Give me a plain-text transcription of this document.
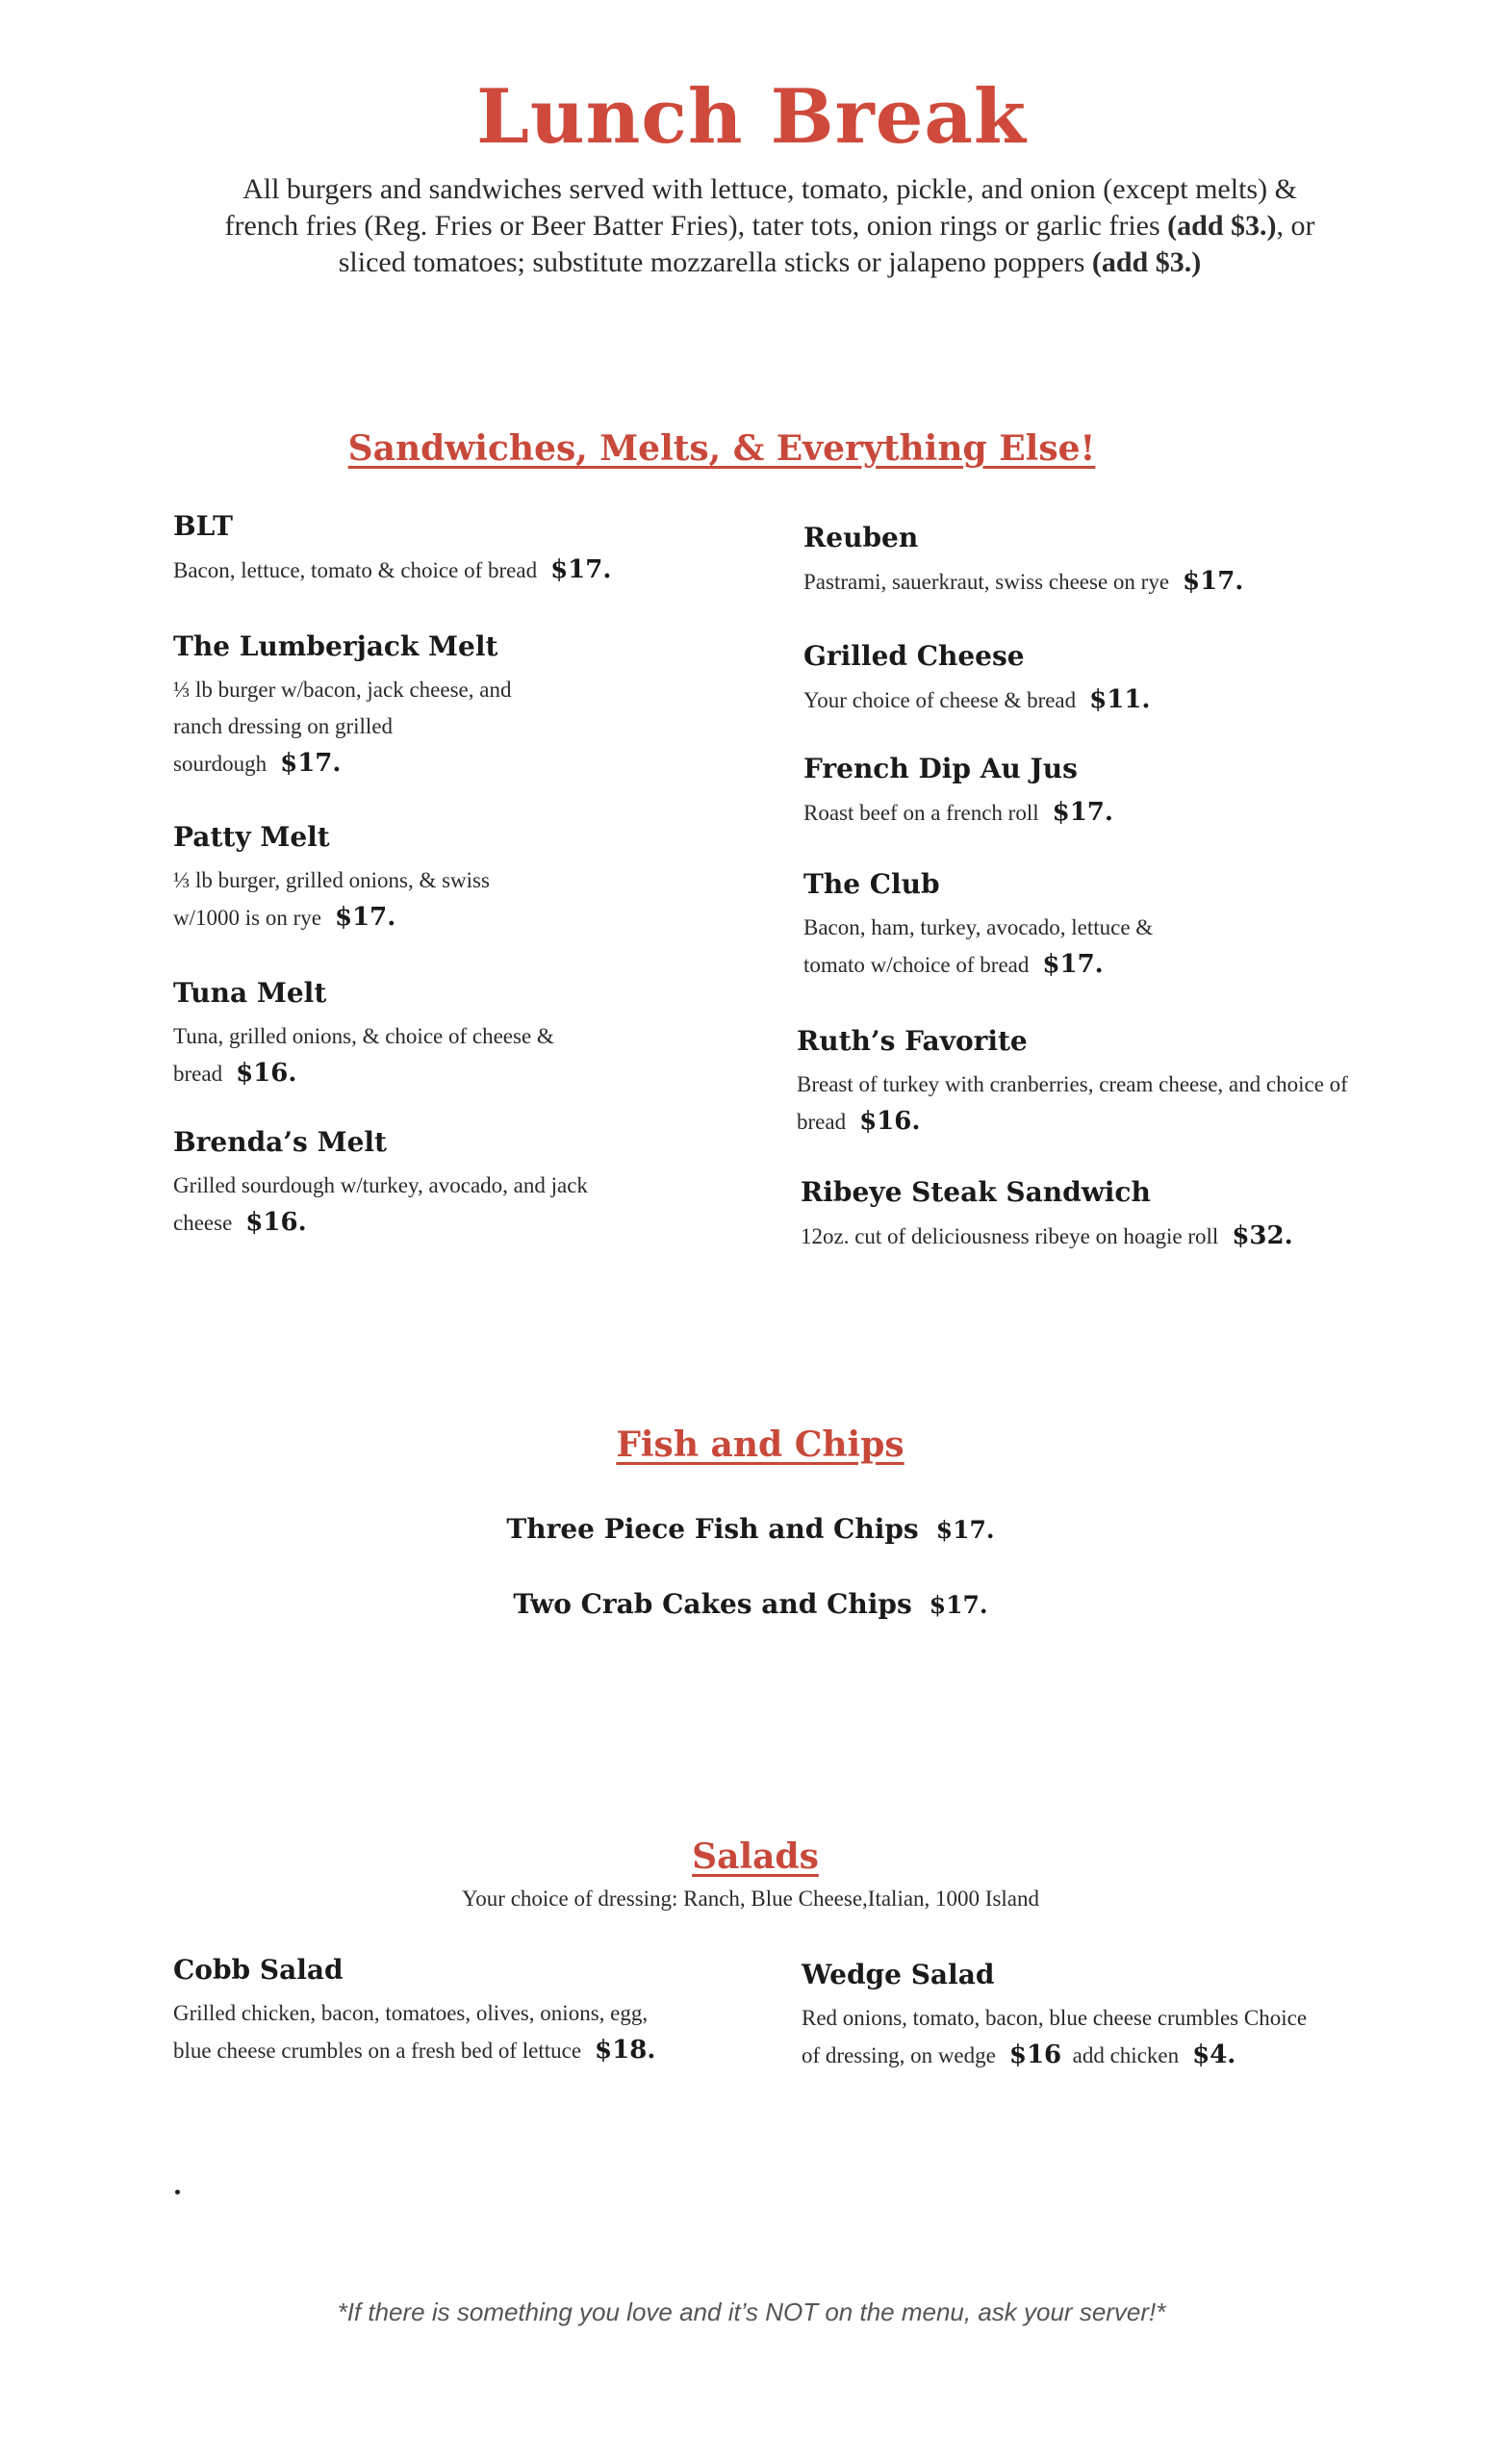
Lunch Break

All burgers and sandwiches served with lettuce, tomato, pickle, and onion (except melts) & french fries (Reg. Fries or Beer Batter Fries), tater tots, onion rings or garlic fries (add $3.), or sliced tomatoes; substitute mozzarella sticks or jalapeno poppers (add $3.)

Sandwiches, Melts, & Everything Else!
BLT
Bacon, lettuce, tomato & choice of bread $17.
The Lumberjack Melt
⅓ lb burger w/bacon, jack cheese, and ranch dressing on grilled sourdough $17.
Patty Melt
⅓ lb burger, grilled onions, & swiss w/1000 is on rye $17.
Tuna Melt
Tuna, grilled onions, & choice of cheese & bread $16.
Brenda’s Melt
Grilled sourdough w/turkey, avocado, and jack cheese $16.
Reuben
Pastrami, sauerkraut, swiss cheese on rye $17.
Grilled Cheese
Your choice of cheese & bread $11.
French Dip Au Jus
Roast beef on a french roll $17.
The Club
Bacon, ham, turkey, avocado, lettuce & tomato w/choice of bread $17.
Ruth’s Favorite
Breast of turkey with cranberries, cream cheese, and choice of bread $16.
Ribeye Steak Sandwich
12oz. cut of deliciousness ribeye on hoagie roll $32.
Fish and Chips

Three Piece Fish and Chips $17.

Two Crab Cakes and Chips $17.

Salads

Your choice of dressing: Ranch, Blue Cheese,Italian, 1000 Island

Cobb Salad
Grilled chicken, bacon, tomatoes, olives, onions, egg, blue cheese crumbles on a fresh bed of lettuce $18.
Wedge Salad
Red onions, tomato, bacon, blue cheese crumbles Choice of dressing, on wedge $16 add chicken $4.

*If there is something you love and it’s NOT on the menu, ask your server!*
